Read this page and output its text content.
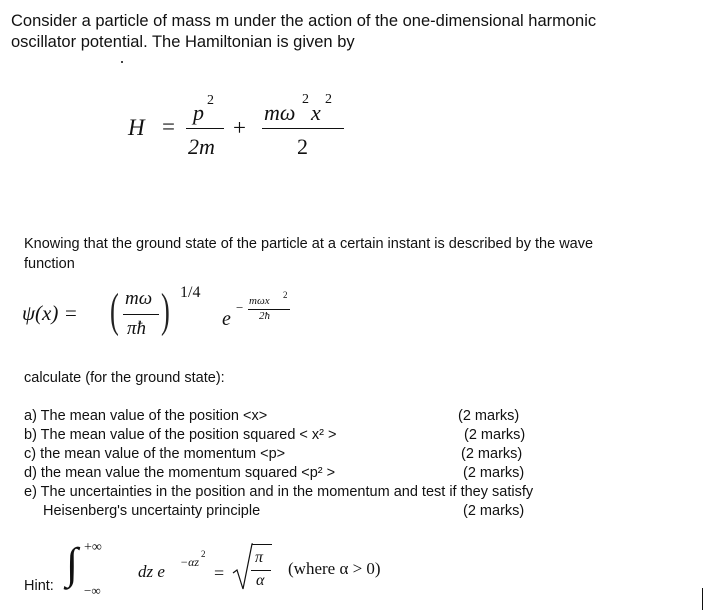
Consider a particle of mass m under the action of the one-dimensional harmonic
oscillator potential. The Hamiltonian is given by
H =
p 2
2m
+
mω
2
x
2
2
Knowing that the ground state of the particle at a certain instant is described by the wave
function
ψ(x) = ( mω
πħ ) 1/4
e
− mωx 2
2ħ
calculate (for the ground state):
a) The mean value of the position <x>	(2 marks)
b) The mean value of the position squared < x² >	(2 marks)
c) the mean value of the momentum <p>	(2 marks)
d) the mean value the momentum squared <p² >	(2 marks)
e) The uncertainties in the position and in the momentum and test if they satisfy
Heisenberg's uncertainty principle	(2 marks)
Hint:
+∞
∫
−∞
dz e −αz
2
=
π
α
(where α > 0)
